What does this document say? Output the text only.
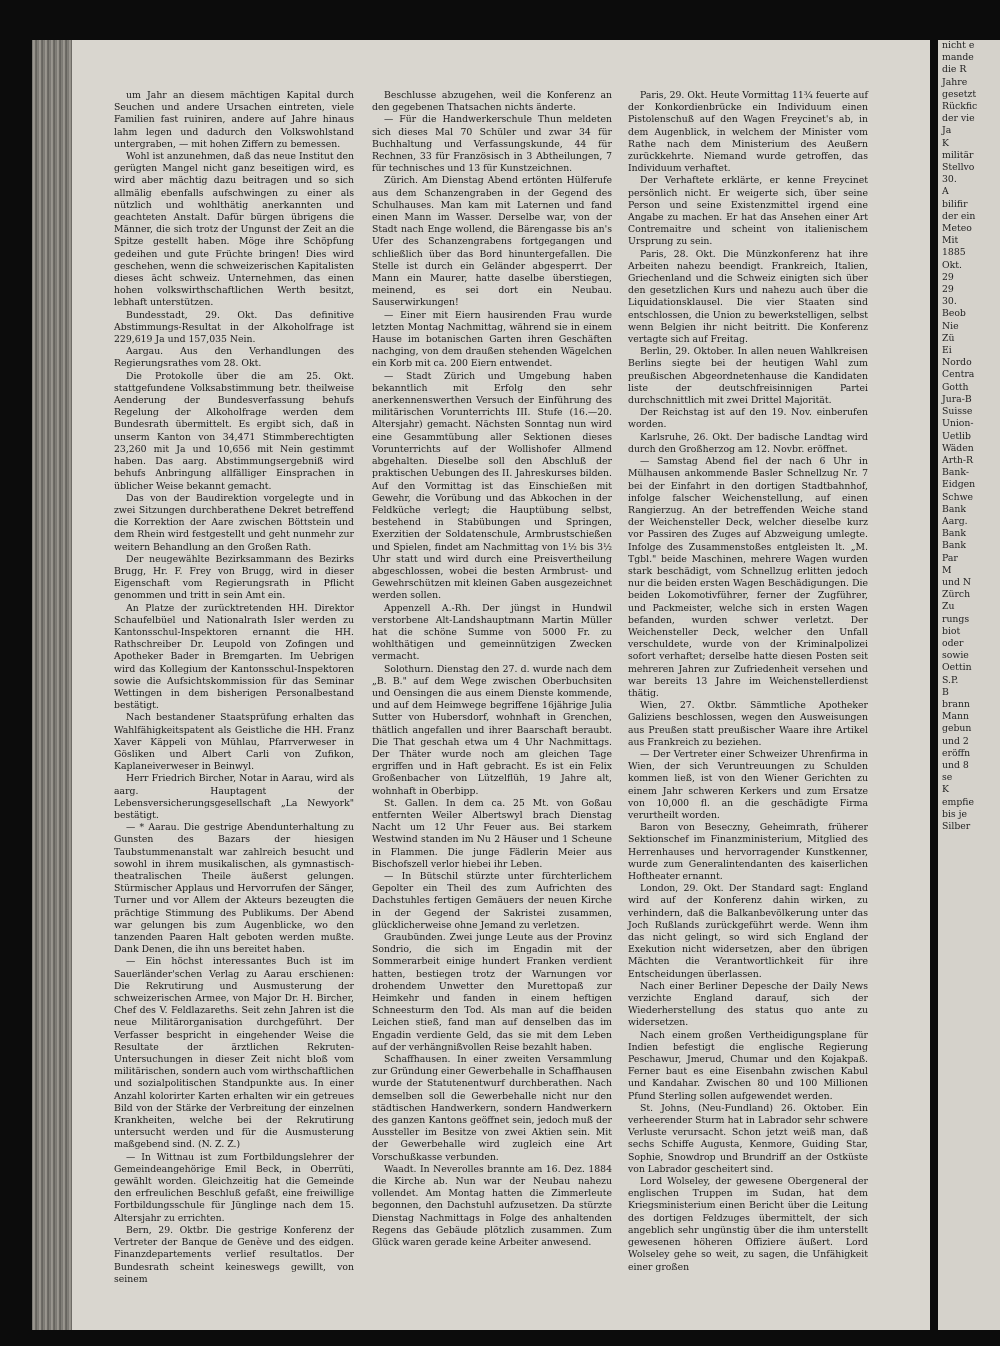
um Jahr an diesem mächtigen Kapital durch Seuchen und andere Ursachen eintreten, viele Familien fast ruiniren, andere auf Jahre hinaus lahm legen und dadurch den Volkswohlstand untergraben, — mit hohen Ziffern zu bemessen.

Wohl ist anzunehmen, daß das neue Institut den gerügten Mangel nicht ganz beseitigen wird, es wird aber mächtig dazu beitragen und so sich allmälig ebenfalls aufschwingen zu einer als nützlich und wohlthätig anerkannten und geachteten Anstalt. Dafür bürgen übrigens die Männer, die sich trotz der Ungunst der Zeit an die Spitze gestellt haben. Möge ihre Schöpfung gedeihen und gute Früchte bringen! Dies wird geschehen, wenn die schweizerischen Kapitalisten dieses ächt schweiz. Unternehmen, das einen hohen volkswirthschaftlichen Werth besitzt, lebhaft unterstützen.

Bundesstadt, 29. Okt. Das definitive Abstimmungs-Resultat in der Alkoholfrage ist 229,619 Ja und 157,035 Nein.

Aargau. Aus den Verhandlungen des Regierungsrathes vom 28. Okt.

Die Protokolle über die am 25. Okt. stattgefundene Volksabstimmung betr. theilweise Aenderung der Bundesverfassung behufs Regelung der Alkoholfrage werden dem Bundesrath übermittelt. Es ergibt sich, daß in unserm Kanton von 34,471 Stimmberechtigten 23,260 mit Ja und 10,656 mit Nein gestimmt haben. Das aarg. Abstimmungsergebniß wird behufs Anbringung allfälliger Einsprachen in üblicher Weise bekannt gemacht.

Das von der Baudirektion vorgelegte und in zwei Sitzungen durchberathene Dekret betreffend die Korrektion der Aare zwischen Böttstein und dem Rhein wird festgestellt und geht nunmehr zur weitern Behandlung an den Großen Rath.

Der neugewählte Bezirksammann des Bezirks Brugg, Hr. F. Frey von Brugg, wird in dieser Eigenschaft vom Regierungsrath in Pflicht genommen und tritt in sein Amt ein.

An Platze der zurücktretenden HH. Direktor Schaufelbüel und Nationalrath Isler werden zu Kantonsschul-Inspektoren ernannt die HH. Rathschreiber Dr. Leupold von Zofingen und Apotheker Bader in Bremgarten. Im Uebrigen wird das Kollegium der Kantonsschul-Inspektoren sowie die Aufsichtskommission für das Seminar Wettingen in dem bisherigen Personalbestand bestätigt.

Nach bestandener Staatsprüfung erhalten das Wahlfähigkeitspatent als Geistliche die HH. Franz Xaver Käppeli von Mühlau, Pfarrverweser in Gösliken und Albert Carli von Zufikon, Kaplaneiverweser in Beinwyl.

Herr Friedrich Bircher, Notar in Aarau, wird als aarg. Hauptagent der Lebensversicherungsgesellschaft „La Newyork" bestätigt.

— * Aarau. Die gestrige Abendunterhaltung zu Gunsten des Bazars der hiesigen Taubstummenanstalt war zahlreich besucht und sowohl in ihrem musikalischen, als gymnastisch-theatralischen Theile äußerst gelungen. Stürmischer Applaus und Hervorrufen der Sänger, Turner und vor Allem der Akteurs bezeugten die prächtige Stimmung des Publikums. Der Abend war gelungen bis zum Augenblicke, wo den tanzenden Paaren Halt geboten werden mußte. Dank Denen, die ihn uns bereitet haben.

— Ein höchst interessantes Buch ist im Sauerländer'schen Verlag zu Aarau erschienen: Die Rekrutirung und Ausmusterung der schweizerischen Armee, von Major Dr. H. Bircher, Chef des V. Feldlazareths. Seit zehn Jahren ist die neue Militärorganisation durchgeführt. Der Verfasser bespricht in eingehender Weise die Resultate der ärztlichen Rekruten-Untersuchungen in dieser Zeit nicht bloß vom militärischen, sondern auch vom wirthschaftlichen und sozialpolitischen Standpunkte aus. In einer Anzahl kolorirter Karten erhalten wir ein getreues Bild von der Stärke der Verbreitung der einzelnen Krankheiten, welche bei der Rekrutirung untersucht werden und für die Ausmusterung maßgebend sind. (N. Z. Z.)

— In Wittnau ist zum Fortbildungslehrer der Gemeindeangehörige Emil Beck, in Oberrüti, gewählt worden. Gleichzeitig hat die Gemeinde den erfreulichen Beschluß gefaßt, eine freiwillige Fortbildungsschule für Jünglinge nach dem 15. Altersjahr zu errichten.

Bern, 29. Oktbr. Die gestrige Konferenz der Vertreter der Banque de Genève und des eidgen. Finanzdepartements verlief resultatlos. Der Bundesrath scheint keineswegs gewillt, von seinem

Beschlusse abzugehen, weil die Konferenz an den gegebenen Thatsachen nichts änderte.

— Für die Handwerkerschule Thun meldeten sich dieses Mal 70 Schüler und zwar 34 für Buchhaltung und Verfassungskunde, 44 für Rechnen, 33 für Französisch in 3 Abtheilungen, 7 für technisches und 13 für Kunstzeichnen.

Zürich. Am Dienstag Abend ertönten Hülferufe aus dem Schanzengraben in der Gegend des Schulhauses. Man kam mit Laternen und fand einen Mann im Wasser. Derselbe war, von der Stadt nach Enge wollend, die Bärengasse bis an's Ufer des Schanzengrabens fortgegangen und schließlich über das Bord hinuntergefallen. Die Stelle ist durch ein Geländer abgesperrt. Der Mann ein Maurer, hatte daselbe überstiegen, meinend, es sei dort ein Neubau. Sauserwirkungen!

— Einer mit Eiern hausirenden Frau wurde letzten Montag Nachmittag, während sie in einem Hause im botanischen Garten ihren Geschäften nachging, von dem draußen stehenden Wägelchen ein Korb mit ca. 200 Eiern entwendet.

— Stadt Zürich und Umgebung haben bekanntlich mit Erfolg den sehr anerkennenswerthen Versuch der Einführung des militärischen Vorunterrichts III. Stufe (16.—20. Altersjahr) gemacht. Nächsten Sonntag nun wird eine Gesammtübung aller Sektionen dieses Vorunterrichts auf der Wollishofer Allmend abgehalten. Dieselbe soll den Abschluß der praktischen Uebungen des II. Jahreskurses bilden. Auf den Vormittag ist das Einschießen mit Gewehr, die Vorübung und das Abkochen in der Feldküche verlegt; die Hauptübung selbst, bestehend in Stabübungen und Springen, Exerzitien der Soldatenschule, Armbrustschießen und Spielen, findet am Nachmittag von 1½ bis 3½ Uhr statt und wird durch eine Preisvertheilung abgeschlossen, wobei die besten Armbrust- und Gewehrschützen mit kleinen Gaben ausgezeichnet werden sollen.

Appenzell A.-Rh. Der jüngst in Hundwil verstorbene Alt-Landshauptmann Martin Müller hat die schöne Summe von 5000 Fr. zu wohlthätigen und gemeinnützigen Zwecken vermacht.

Solothurn. Dienstag den 27. d. wurde nach dem „B. B." auf dem Wege zwischen Oberbuchsiten und Oensingen die aus einem Dienste kommende, und auf dem Heimwege begriffene 16jährige Julia Sutter von Hubersdorf, wohnhaft in Grenchen, thätlich angefallen und ihrer Baarschaft beraubt. Die That geschah etwa um 4 Uhr Nachmittags. Der Thäter wurde noch am gleichen Tage ergriffen und in Haft gebracht. Es ist ein Felix Großenbacher von Lützelflüh, 19 Jahre alt, wohnhaft in Oberbipp.

St. Gallen. In dem ca. 25 Mt. von Goßau entfernten Weiler Albertswyl brach Dienstag Nacht um 12 Uhr Feuer aus. Bei starkem Westwind standen im Nu 2 Häuser und 1 Scheune in Flammen. Die junge Fädlerin Meier aus Bischofszell verlor hiebei ihr Leben.

— In Bütschil stürzte unter fürchterlichem Gepolter ein Theil des zum Aufrichten des Dachstuhles fertigen Gemäuers der neuen Kirche in der Gegend der Sakristei zusammen, glücklicherweise ohne Jemand zu verletzen.

Graubünden. Zwei junge Leute aus der Provinz Sondrio, die sich im Engadin mit der Sommerarbeit einige hundert Franken verdient hatten, bestiegen trotz der Warnungen vor drohendem Unwetter den Murettopaß zur Heimkehr und fanden in einem heftigen Schneesturm den Tod. Als man auf die beiden Leichen stieß, fand man auf denselben das im Engadin verdiente Geld, das sie mit dem Leben auf der verhängnißvollen Reise bezahlt haben.

Schaffhausen. In einer zweiten Versammlung zur Gründung einer Gewerbehalle in Schaffhausen wurde der Statutenentwurf durchberathen. Nach demselben soll die Gewerbehalle nicht nur den städtischen Handwerkern, sondern Handwerkern des ganzen Kantons geöffnet sein, jedoch muß der Aussteller im Besitze von zwei Aktien sein. Mit der Gewerbehalle wird zugleich eine Art Vorschußkasse verbunden.

Waadt. In Neverolles brannte am 16. Dez. 1884 die Kirche ab. Nun war der Neubau nahezu vollendet. Am Montag hatten die Zimmerleute begonnen, den Dachstuhl aufzusetzen. Da stürzte Dienstag Nachmittags in Folge des anhaltenden Regens das Gebäude plötzlich zusammen. Zum Glück waren gerade keine Arbeiter anwesend.

Paris, 29. Okt. Heute Vormittag 11¾ feuerte auf der Konkordienbrücke ein Individuum einen Pistolenschuß auf den Wagen Freycinet's ab, in dem Augenblick, in welchem der Minister vom Rathe nach dem Ministerium des Aeußern zurückkehrte. Niemand wurde getroffen, das Individuum verhaftet.

Der Verhaftete erklärte, er kenne Freycinet persönlich nicht. Er weigerte sich, über seine Person und seine Existenzmittel irgend eine Angabe zu machen. Er hat das Ansehen einer Art Contremaitre und scheint von italienischem Ursprung zu sein.

Paris, 28. Okt. Die Münzkonferenz hat ihre Arbeiten nahezu beendigt. Frankreich, Italien, Griechenland und die Schweiz einigten sich über den gesetzlichen Kurs und nahezu auch über die Liquidationsklausel. Die vier Staaten sind entschlossen, die Union zu bewerkstelligen, selbst wenn Belgien ihr nicht beitritt. Die Konferenz vertagte sich auf Freitag.

Berlin, 29. Oktober. In allen neuen Wahlkreisen Berlins siegte bei der heutigen Wahl zum preußischen Abgeordnetenhause die Kandidaten liste der deutschfreisinnigen Partei durchschnittlich mit zwei Drittel Majorität.

Der Reichstag ist auf den 19. Nov. einberufen worden.

Karlsruhe, 26. Okt. Der badische Landtag wird durch den Großherzog am 12. Novbr. eröffnet.

— Samstag Abend fiel der nach 6 Uhr in Mülhausen ankommende Basler Schnellzug Nr. 7 bei der Einfahrt in den dortigen Stadtbahnhof, infolge falscher Weichenstellung, auf einen Rangierzug. An der betreffenden Weiche stand der Weichensteller Deck, welcher dieselbe kurz vor Passiren des Zuges auf Abzweigung umlegte. Infolge des Zusammenstoßes entgleisten lt. „M. Tgbl." beide Maschinen, mehrere Wagen wurden stark beschädigt, vom Schnellzug erlitten jedoch nur die beiden ersten Wagen Beschädigungen. Die beiden Lokomotivführer, ferner der Zugführer, und Packmeister, welche sich in ersten Wagen befanden, wurden schwer verletzt. Der Weichensteller Deck, welcher den Unfall verschuldete, wurde von der Kriminalpolizei sofort verhaftet; derselbe hatte diesen Posten seit mehreren Jahren zur Zufriedenheit versehen und war bereits 13 Jahre im Weichenstellerdienst thätig.

Wien, 27. Oktbr. Sämmtliche Apotheker Galiziens beschlossen, wegen den Ausweisungen aus Preußen statt preußischer Waare ihre Artikel aus Frankreich zu beziehen.

— Der Vertreter einer Schweizer Uhrenfirma in Wien, der sich Veruntreuungen zu Schulden kommen ließ, ist von den Wiener Gerichten zu einem Jahr schweren Kerkers und zum Ersatze von 10,000 fl. an die geschädigte Firma verurtheilt worden.

Baron von Beseczny, Geheimrath, früherer Sektionschef im Finanzministerium, Mitglied des Herrenhauses und hervorragender Kunstkenner, wurde zum Generalintendanten des kaiserlichen Hoftheater ernannt.

London, 29. Okt. Der Standard sagt: England wird auf der Konferenz dahin wirken, zu verhindern, daß die Balkanbevölkerung unter das Joch Rußlands zurückgeführt werde. Wenn ihm das nicht gelingt, so wird sich England der Exekution nicht widersetzen, aber den übrigen Mächten die Verantwortlichkeit für ihre Entscheidungen überlassen.

Nach einer Berliner Depesche der Daily News verzichte England darauf, sich der Wiederherstellung des status quo ante zu widersetzen.

Nach einem großen Vertheidigungsplane für Indien befestigt die englische Regierung Peschawur, Jmerud, Chumar und den Kojakpaß. Ferner baut es eine Eisenbahn zwischen Kabul und Kandahar. Zwischen 80 und 100 Millionen Pfund Sterling sollen aufgewendet werden.

St. Johns, (Neu-Fundland) 26. Oktober. Ein verheerender Sturm hat in Labrador sehr schwere Verluste verursacht. Schon jetzt weiß man, daß sechs Schiffe Augusta, Kenmore, Guiding Star, Sophie, Snowdrop und Brundriff an der Ostküste von Labrador gescheitert sind.

Lord Wolseley, der gewesene Obergeneral der englischen Truppen im Sudan, hat dem Kriegsministerium einen Bericht über die Leitung des dortigen Feldzuges übermittelt, der sich angeblich sehr ungünstig über die ihm unterstellt gewesenen höheren Offiziere äußert. Lord Wolseley gehe so weit, zu sagen, die Unfähigkeit einer großen

nicht e
mande
die R
Jahre
gesetzt
Rückfic
der vie
Ja
K
militär
Stellvo
30.
A
bilifir
der ein
Meteo
Mit
1885
Okt.
29
29
30.
Beob
Nie
Zü
Ei
Nordo
Centra
Gotth
Jura-B
Suisse
Union-
Uetlib
Wäden
Arth-R
Bank-
Eidgen
Schwe
Bank
Aarg.
Bank
Bank
Par
M
und N
Zürch
Zu
rungs
biot
oder
sowie
Oettin
S.P.
B
brann
Mann
gebun
und 2
eröffn
und 8
se
K
empfie
bis je
Silber
